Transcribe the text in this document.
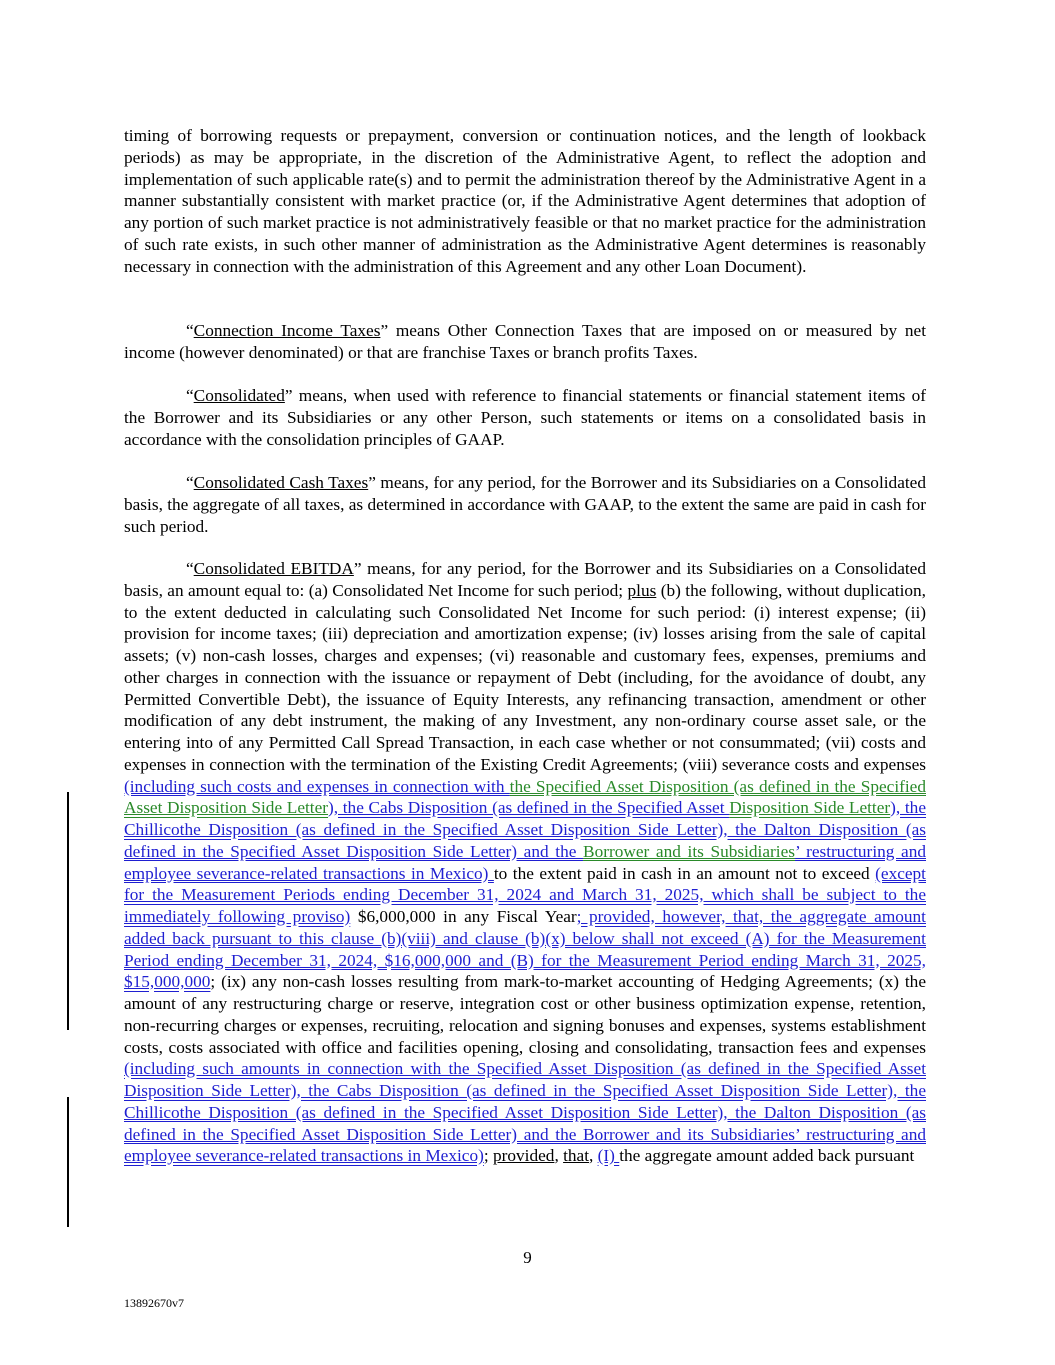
timing of borrowing requests or prepayment, conversion or continuation notices, and the length of lookback periods) as may be appropriate, in the discretion of the Administrative Agent, to reflect the adoption and implementation of such applicable rate(s) and to permit the administration thereof by the Administrative Agent in a manner substantially consistent with market practice (or, if the Administrative Agent determines that adoption of any portion of such market practice is not administratively feasible or that no market practice for the administration of such rate exists, in such other manner of administration as the Administrative Agent determines is reasonably necessary in connection with the administration of this Agreement and any other Loan Document).
“Connection Income Taxes” means Other Connection Taxes that are imposed on or measured by net income (however denominated) or that are franchise Taxes or branch profits Taxes.
“Consolidated” means, when used with reference to financial statements or financial statement items of the Borrower and its Subsidiaries or any other Person, such statements or items on a consolidated basis in accordance with the consolidation principles of GAAP.
“Consolidated Cash Taxes” means, for any period, for the Borrower and its Subsidiaries on a Consolidated basis, the aggregate of all taxes, as determined in accordance with GAAP, to the extent the same are paid in cash for such period.
“Consolidated EBITDA” means, for any period, for the Borrower and its Subsidiaries on a Consolidated basis, an amount equal to: (a) Consolidated Net Income for such period; plus (b) the following, without duplication, to the extent deducted in calculating such Consolidated Net Income for such period: (i) interest expense; (ii) provision for income taxes; (iii) depreciation and amortization expense; (iv) losses arising from the sale of capital assets; (v) non-cash losses, charges and expenses; (vi) reasonable and customary fees, expenses, premiums and other charges in connection with the issuance or repayment of Debt (including, for the avoidance of doubt, any Permitted Convertible Debt), the issuance of Equity Interests, any refinancing transaction, amendment or other modification of any debt instrument, the making of any Investment, any non-ordinary course asset sale, or the entering into of any Permitted Call Spread Transaction, in each case whether or not consummated; (vii) costs and expenses in connection with the termination of the Existing Credit Agreements; (viii) severance costs and expenses (including such costs and expenses in connection with the Specified Asset Disposition (as defined in the Specified Asset Disposition Side Letter), the Cabs Disposition (as defined in the Specified Asset Disposition Side Letter), the Chillicothe Disposition (as defined in the Specified Asset Disposition Side Letter), the Dalton Disposition (as defined in the Specified Asset Disposition Side Letter) and the Borrower and its Subsidiaries’ restructuring and employee severance-related transactions in Mexico) to the extent paid in cash in an amount not to exceed (except for the Measurement Periods ending December 31, 2024 and March 31, 2025, which shall be subject to the immediately following proviso) $6,000,000 in any Fiscal Year; provided, however, that, the aggregate amount added back pursuant to this clause (b)(viii) and clause (b)(x) below shall not exceed (A) for the Measurement Period ending December 31, 2024, $16,000,000 and (B) for the Measurement Period ending March 31, 2025, $15,000,000; (ix) any non-cash losses resulting from mark-to-market accounting of Hedging Agreements; (x) the amount of any restructuring charge or reserve, integration cost or other business optimization expense, retention, non-recurring charges or expenses, recruiting, relocation and signing bonuses and expenses, systems establishment costs, costs associated with office and facilities opening, closing and consolidating, transaction fees and expenses (including such amounts in connection with the Specified Asset Disposition (as defined in the Specified Asset Disposition Side Letter), the Cabs Disposition (as defined in the Specified Asset Disposition Side Letter), the Chillicothe Disposition (as defined in the Specified Asset Disposition Side Letter), the Dalton Disposition (as defined in the Specified Asset Disposition Side Letter) and the Borrower and its Subsidiaries’ restructuring and employee severance-related transactions in Mexico); provided, that, (I) the aggregate amount added back pursuant
9
13892670v7
